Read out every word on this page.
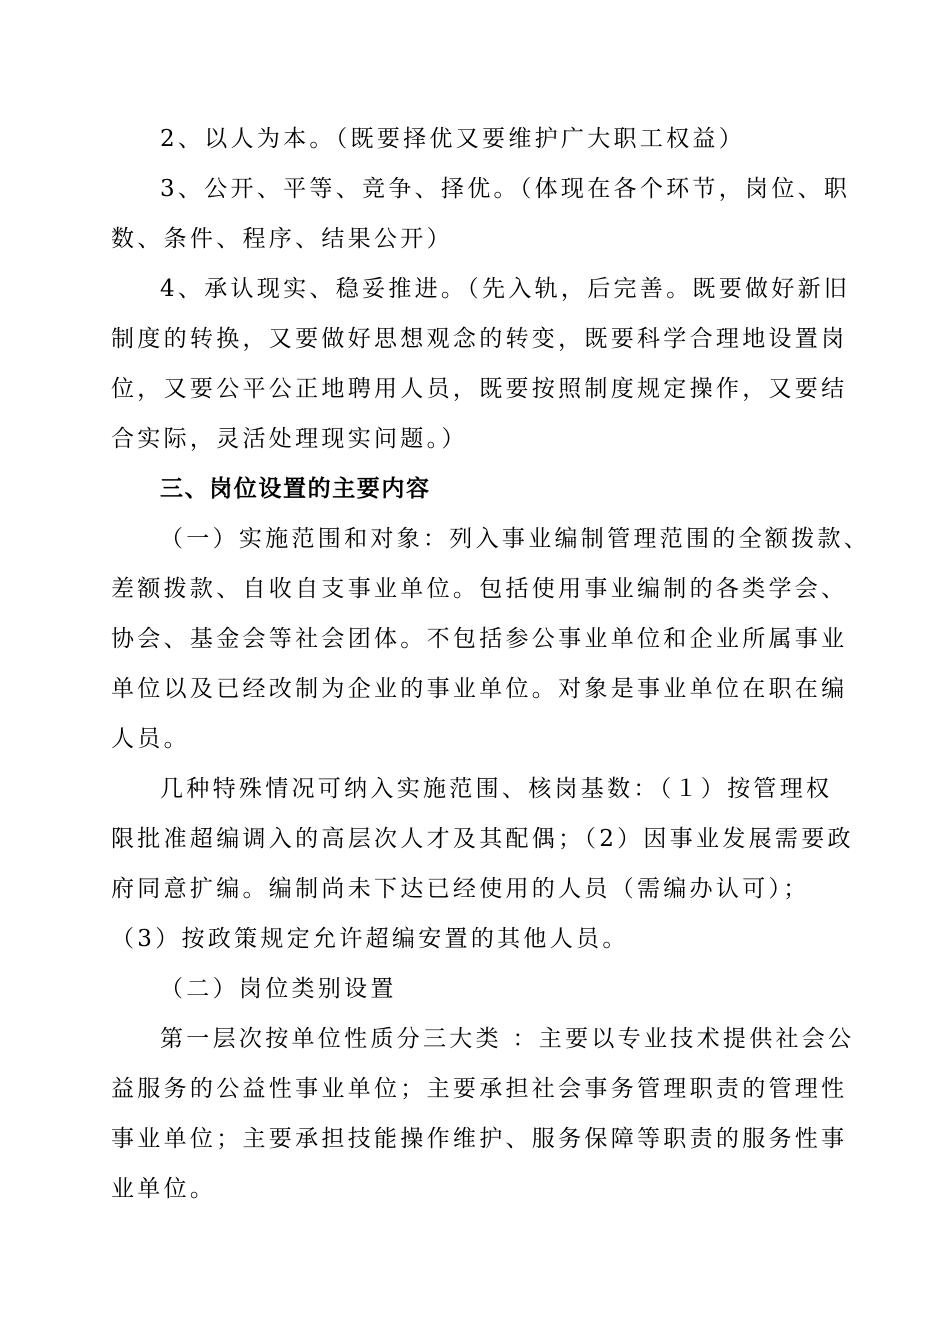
2、以人为本。（既要择优又要维护广大职工权益）
3、公开、平等、竞争、择优。（体现在各个环节，岗位、职
数、条件、程序、结果公开）
4、承认现实、稳妥推进。（先入轨，后完善。既要做好新旧
制度的转换，又要做好思想观念的转变，既要科学合理地设置岗
位，又要公平公正地聘用人员，既要按照制度规定操作，又要结
合实际，灵活处理现实问题。）
三、岗位设置的主要内容
（一）实施范围和对象：列入事业编制管理范围的全额拨款、
差额拨款、自收自支事业单位。包括使用事业编制的各类学会、
协会、基金会等社会团体。不包括参公事业单位和企业所属事业
单位以及已经改制为企业的事业单位。对象是事业单位在职在编
人员。
几种特殊情况可纳入实施范围、核岗基数：（１）按管理权
限批准超编调入的高层次人才及其配偶；（2）因事业发展需要政
府同意扩编。编制尚未下达已经使用的人员（需编办认可）；
（3）按政策规定允许超编安置的其他人员。
（二）岗位类别设置
第一层次按单位性质分三大类 ：主要以专业技术提供社会公
益服务的公益性事业单位；主要承担社会事务管理职责的管理性
事业单位；主要承担技能操作维护、服务保障等职责的服务性事
业单位。
